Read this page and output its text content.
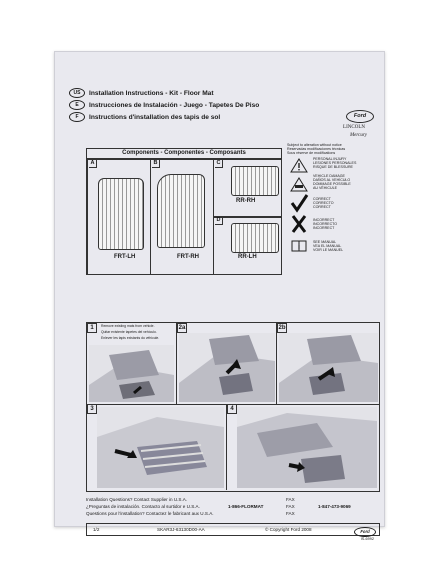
US	Installation Instructions - Kit - Floor Mat
E	Instrucciones de Instalación - Juego - Tapetes De Piso
F	Instructions d'installation des tapis de sol	Ford
LINCOLN
Mercury
Subject to alteration without notice
Reservadas modificaciones técnicas
Sous réserve de modifications
i
PERSONAL INJURY
LESIONES PERSONALES
RISQUE DE BLESSURE
VEHICLE DAMAGE
DAÑOS AL VEHÍCULO
DOMMAGE POSSIBLE
AU VÉHICULE
CORRECT
CORRECTO
CORRECT
INCORRECT
INCORRECTO
INCORRECT
SEE MANUAL
VEA EL MANUAL
VOIR LE MANUEL
Components - Componentes - Composants
A
FRT-LH
B
FRT-RH
C
RR-RH
D
RR-LH
1	Remove existing mats from vehicle.
Quitar existente tapetes del vehículo.
Enlever les tapis existants du véhicule.
2a	2b
3	4
Installation Questions? Contact Supplier in U.S.A.
¿Preguntas de instalación. Contacto al surtidor e U.S.A.
Questions pour l'installation? Contactez le fabricant aux U.S.A.
1-866-FLORMAT
FAX
FAX
FAX
1-847-473-9069
1/2	SKAR3J-63130D00-AA	© Copyright Ford 2008	Ford
IS-6992
